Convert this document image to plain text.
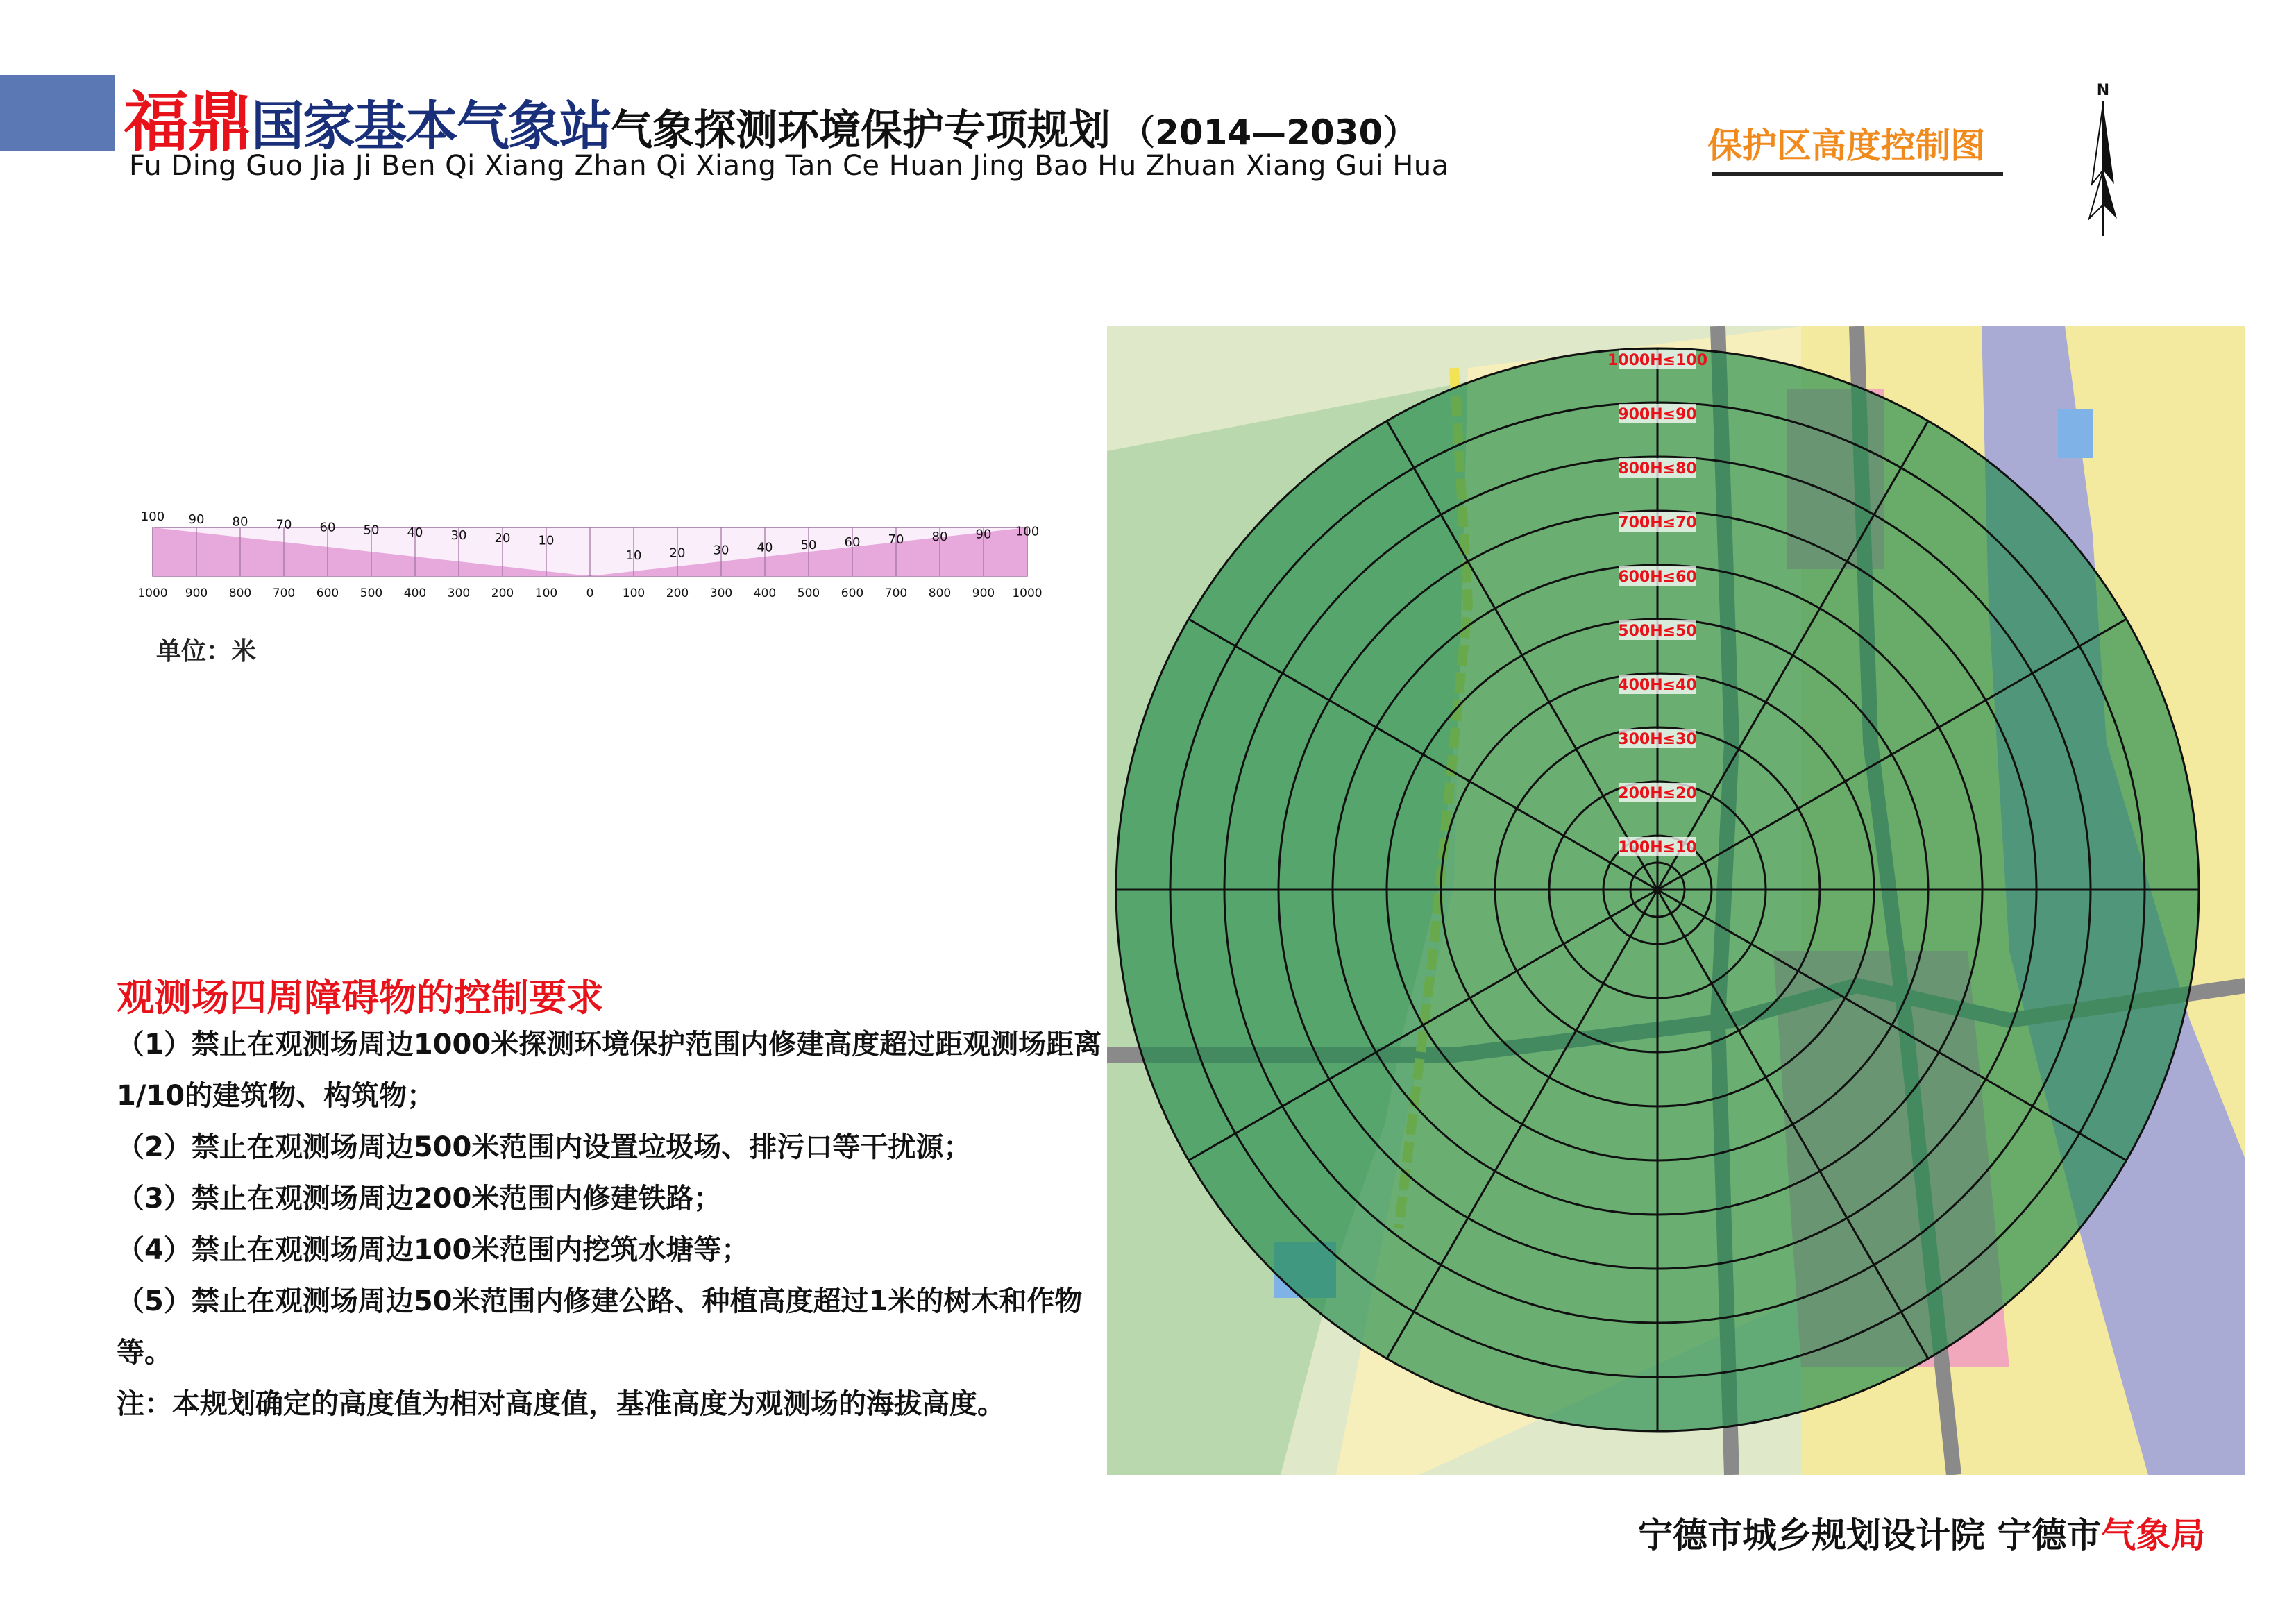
福鼎 国家基本气象站 气象探测环境保护专项规划 （2014—2030）
Fu Ding Guo Jia Ji Ben Qi Xiang Zhan Qi Xiang Tan Ce Huan Jing Bao Hu Zhuan Xiang Gui Hua	保护区高度控制图
N
100 90 80 70 60 50 40 30 20 10
10 20 30 40 50 60 70 80 90 100
1000 900 800 700 600 500 400 300 200 100 0 100 200 300 400 500 600 700 800 900 1000
单位：米
观测场四周障碍物的控制要求

（1）禁止在观测场周边1000米探测环境保护范围内修建高度超过距观测场距离1/10的建筑物、构筑物；

（2）禁止在观测场周边500米范围内设置垃圾场、排污口等干扰源；

（3）禁止在观测场周边200米范围内修建铁路；

（4）禁止在观测场周边100米范围内挖筑水塘等；

（5）禁止在观测场周边50米范围内修建公路、种植高度超过1米的树木和作物等。

注：本规划确定的高度值为相对高度值，基准高度为观测场的海拔高度。

100H≤10
200H≤20
300H≤30
400H≤40
500H≤50
600H≤60
700H≤70
800H≤80
900H≤90
1000H≤100
宁德市城乡规划设计院 宁德市气象局
